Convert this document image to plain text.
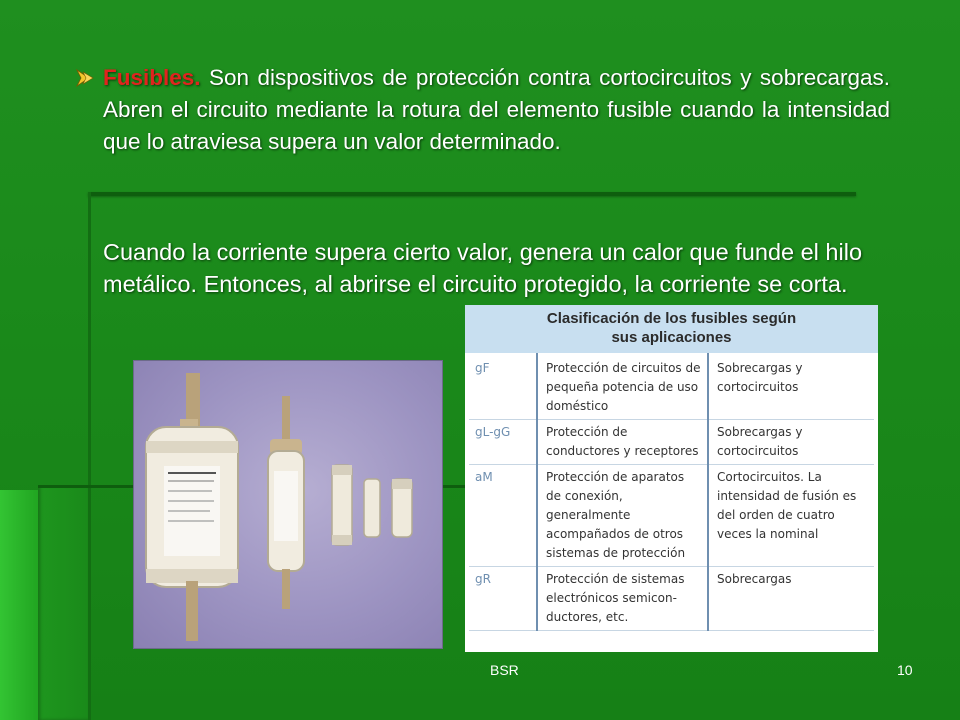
Fusibles. Son dispositivos de protección contra cortocircuitos y sobrecargas. Abren el circuito mediante la rotura del elemento fusible cuando la intensidad que lo atraviesa supera un valor determinado.
Cuando la corriente supera cierto valor, genera un calor que funde el hilo metálico. Entonces, al abrirse el circuito protegido, la corriente se corta.
Clasificación de los fusibles según
sus aplicaciones
gF	Protección de circuitos de pequeña potencia de uso doméstico	Sobrecargas y cortocircuitos
gL-gG	Protección de conductores y receptores	Sobrecargas y cortocircuitos
aM	Protección de aparatos de conexión, generalmente acompañados de otros sistemas de protección	Cortocircuitos. La intensidad de fusión es del orden de cuatro veces la nominal
gR	Protección de sistemas electrónicos semicon-ductores, etc.	Sobrecargas
BSR	10
